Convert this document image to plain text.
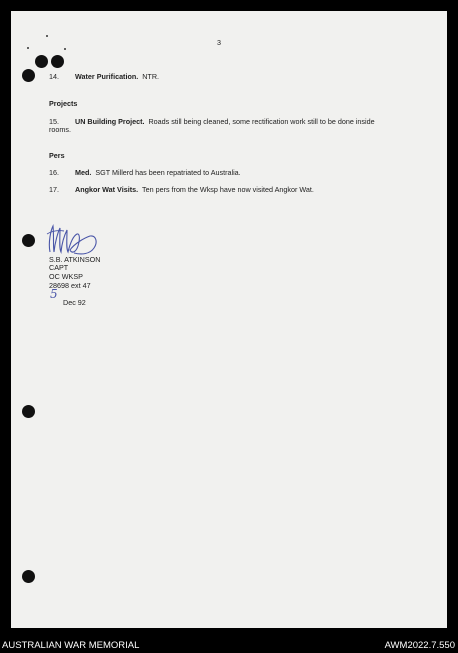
3
14. Water Purification. NTR.
Projects
15. UN Building Project. Roads still being cleaned, some rectification work still to be done inside
rooms.
Pers
16. Med. SGT Millerd has been repatriated to Australia.
17. Angkor Wat Visits. Ten pers from the Wksp have now visited Angkor Wat.
S.B. ATKINSON
CAPT
OC WKSP
28698 ext 47
5
Dec 92
AUSTRALIAN WAR MEMORIAL	AWM2022.7.550
